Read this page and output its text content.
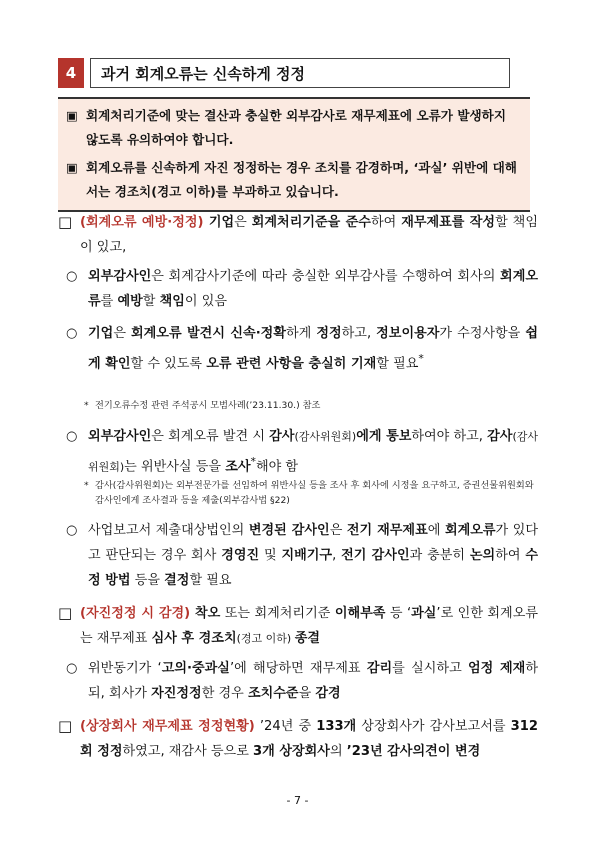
4	과거 회계오류는 신속하게 정정
▣ 회계처리기준에 맞는 결산과 충실한 외부감사로 재무제표에 오류가 발생하지 않도록 유의하여야 합니다.
▣ 회계오류를 신속하게 자진 정정하는 경우 조치를 감경하며, ‘과실’ 위반에 대해서는 경조치(경고 이하)를 부과하고 있습니다.
□ (회계오류 예방·정정) 기업은 회계처리기준을 준수하여 재무제표를 작성할 책임이 있고,
○ 외부감사인은 회계감사기준에 따라 충실한 외부감사를 수행하여 회사의 회계오류를 예방할 책임이 있음
○ 기업은 회계오류 발견시 신속·정확하게 정정하고, 정보이용자가 수정사항을 쉽게 확인할 수 있도록 오류 관련 사항을 충실히 기재할 필요*
* 전기오류수정 관련 주석공시 모범사례(’23.11.30.) 참조
○ 외부감사인은 회계오류 발견 시 감사(감사위원회)에게 통보하여야 하고, 감사(감사위원회)는 위반사실 등을 조사*해야 함
* 감사(감사위원회)는 외부전문가를 선임하여 위반사실 등을 조사 후 회사에 시정을 요구하고, 증권선물위원회와 감사인에게 조사결과 등을 제출(외부감사법 §22)
○ 사업보고서 제출대상법인의 변경된 감사인은 전기 재무제표에 회계오류가 있다고 판단되는 경우 회사 경영진 및 지배기구, 전기 감사인과 충분히 논의하여 수정 방법 등을 결정할 필요
□ (자진정정 시 감경) 착오 또는 회계처리기준 이해부족 등 ‘과실’로 인한 회계오류는 재무제표 심사 후 경조치(경고 이하) 종결
○ 위반동기가 ‘고의·중과실’에 해당하면 재무제표 감리를 실시하고 엄정 제재하되, 회사가 자진정정한 경우 조치수준을 감경
□ (상장회사 재무제표 정정현황) ’24년 중 133개 상장회사가 감사보고서를 312회 정정하였고, 재감사 등으로 3개 상장회사의 ’23년 감사의견이 변경
- 7 -
